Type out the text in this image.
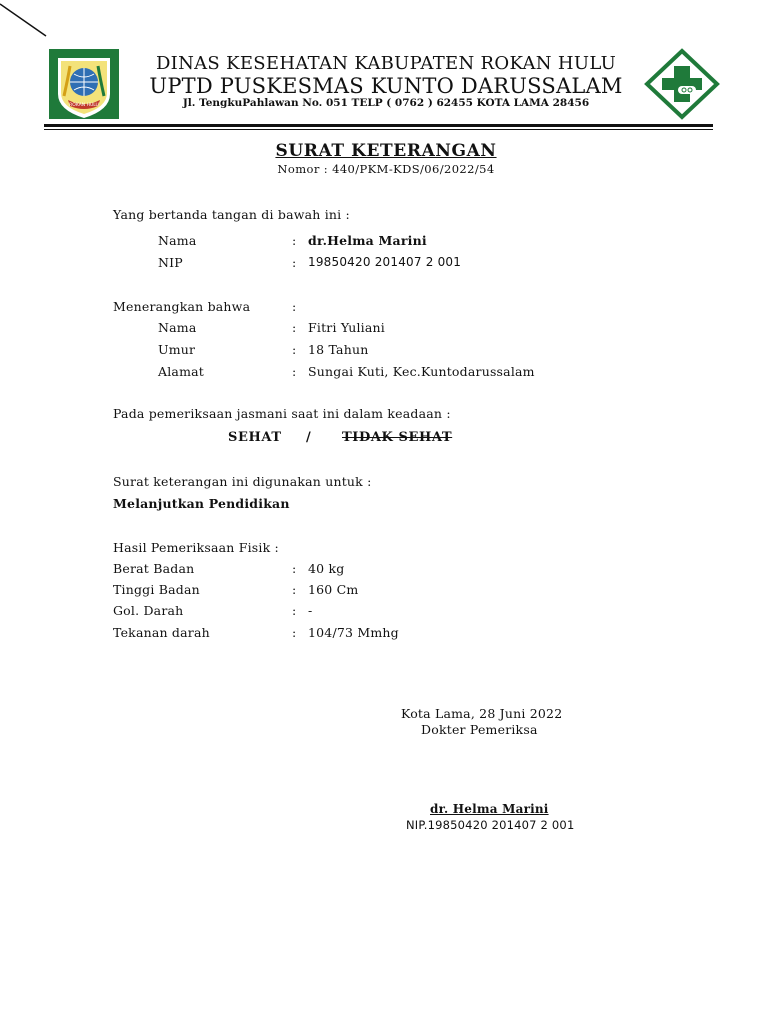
ROKAN HULU
DINAS KESEHATAN KABUPATEN ROKAN HULU
UPTD PUSKESMAS KUNTO DARUSSALAM
Jl. TengkuPahlawan No. 051 TELP ( 0762 ) 62455 KOTA LAMA 28456
SURAT KETERANGAN
Nomor : 440/PKM-KDS/06/2022/54
Yang bertanda tangan di bawah ini :
Nama	: dr.Helma Marini
NIP	: 19850420 201407 2 001
Menerangkan bahwa	:
Nama	: Fitri Yuliani
Umur	: 18 Tahun
Alamat	: Sungai Kuti, Kec.Kuntodarussalam
Pada pemeriksaan jasmani saat ini dalam keadaan :
SEHAT / TIDAK SEHAT
Surat keterangan ini digunakan untuk :
Melanjutkan Pendidikan
Hasil Pemeriksaan Fisik :
Berat Badan	: 40 kg
Tinggi Badan	: 160 Cm
Gol. Darah	: -
Tekanan darah	: 104/73 Mmhg
Kota Lama, 28 Juni 2022
Dokter Pemeriksa
dr. Helma Marini
NIP.19850420 201407 2 001
